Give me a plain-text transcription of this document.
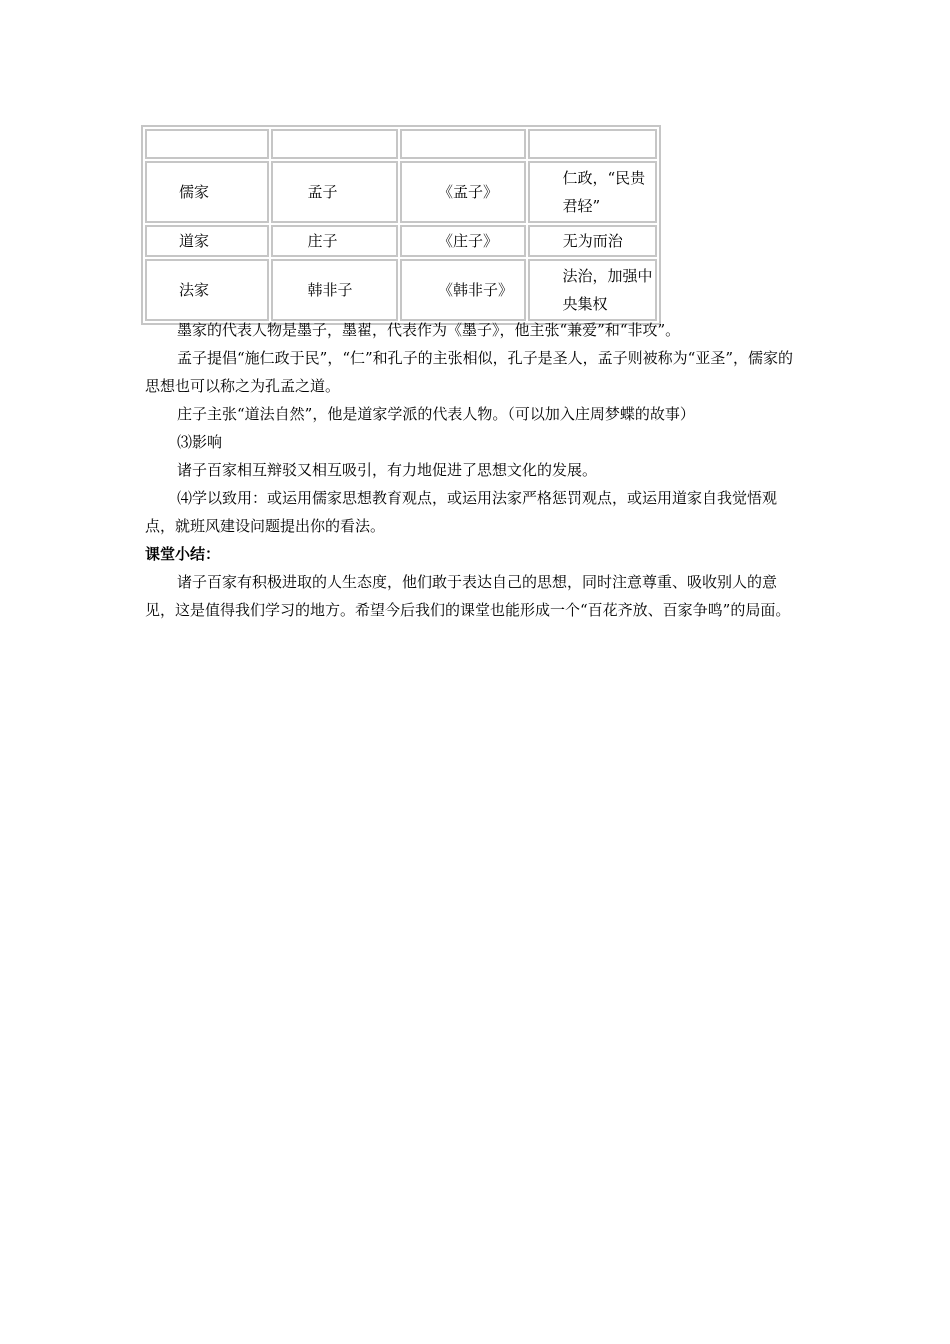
儒家	孟子	《孟子》	仁政，“民贵君轻”

道家	庄子	《庄子》	无为而治
法家	韩非子	《韩非子》	法治，加强中央集权

墨家的代表人物是墨子，墨翟，代表作为《墨子》，他主张“兼爱”和“非攻”。

孟子提倡“施仁政于民”，“仁”和孔子的主张相似，孔子是圣人，孟子则被称为“亚圣”，儒家的思想也可以称之为孔孟之道。

庄子主张“道法自然”，他是道家学派的代表人物。（可以加入庄周梦蝶的故事）

⑶影响

诸子百家相互辩驳又相互吸引，有力地促进了思想文化的发展。

⑷学以致用：或运用儒家思想教育观点，或运用法家严格惩罚观点，或运用道家自我觉悟观点，就班风建设问题提出你的看法。

课堂小结：

诸子百家有积极进取的人生态度，他们敢于表达自己的思想，同时注意尊重、吸收别人的意见，这是值得我们学习的地方。希望今后我们的课堂也能形成一个“百花齐放、百家争鸣”的局面。
